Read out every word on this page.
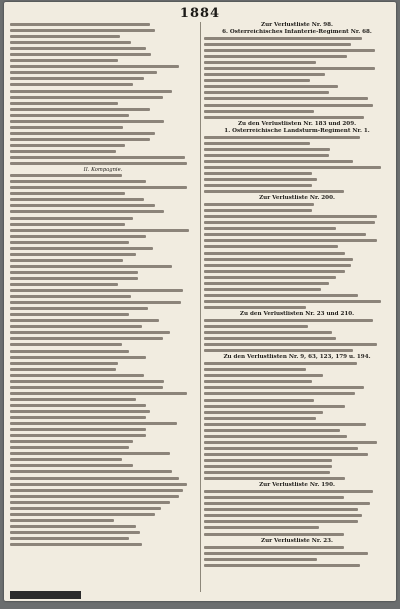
1884
II. Kompagnie.
Zur Verlustliste Nr. 98.
6. Österreichisches Infanterie-Regiment Nr. 68.
Zu den Verlustlisten Nr. 183 und 209.
1. Österreichische Landsturm-Regiment Nr. 1.
Zur Verlustliste Nr. 200.
Zu den Verlustlisten Nr. 23 und 210.
Zu den Verlustlisten Nr. 9, 63, 123, 179 u. 194.
Zur Verlustliste Nr. 190.
Zur Verlustliste Nr. 23.
